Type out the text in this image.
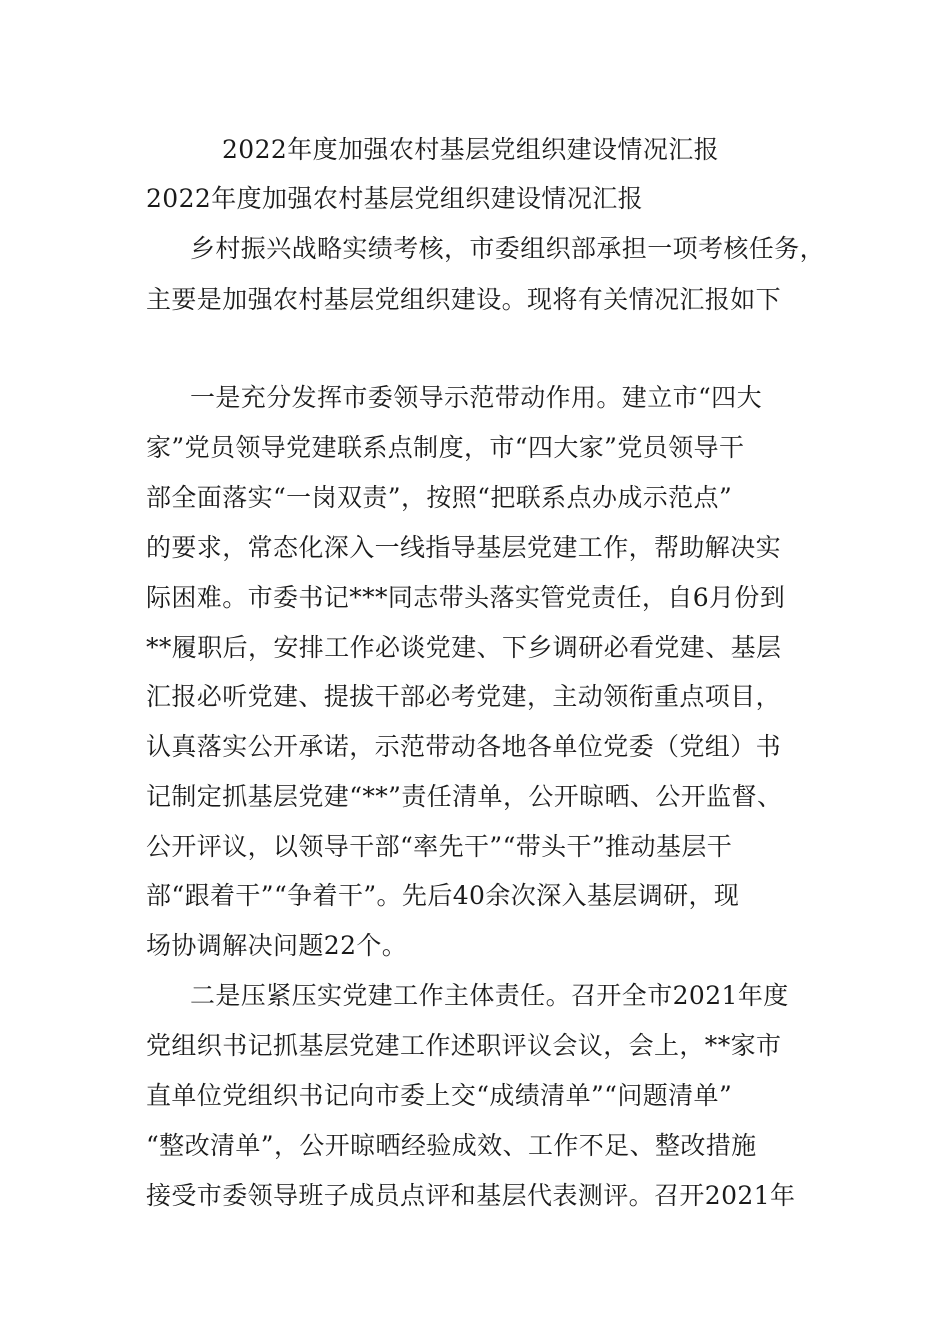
2022年度加强农村基层党组织建设情况汇报
2022年度加强农村基层党组织建设情况汇报
乡村振兴战略实绩考核，市委组织部承担一项考核任务，
主要是加强农村基层党组织建设。现将有关情况汇报如下
一是充分发挥市委领导示范带动作用。建立市“四大
家”党员领导党建联系点制度，市“四大家”党员领导干
部全面落实“一岗双责”，按照“把联系点办成示范点”
的要求，常态化深入一线指导基层党建工作，帮助解决实
际困难。市委书记***同志带头落实管党责任，自6月份到
**履职后，安排工作必谈党建、下乡调研必看党建、基层
汇报必听党建、提拔干部必考党建，主动领衔重点项目，
认真落实公开承诺，示范带动各地各单位党委（党组）书
记制定抓基层党建“**”责任清单，公开晾晒、公开监督、
公开评议，以领导干部“率先干”“带头干”推动基层干
部“跟着干”“争着干”。先后40余次深入基层调研，现
场协调解决问题22个。
二是压紧压实党建工作主体责任。召开全市2021年度
党组织书记抓基层党建工作述职评议会议，会上，**家市
直单位党组织书记向市委上交“成绩清单”“问题清单”
“整改清单”，公开晾晒经验成效、工作不足、整改措施
接受市委领导班子成员点评和基层代表测评。召开2021年
